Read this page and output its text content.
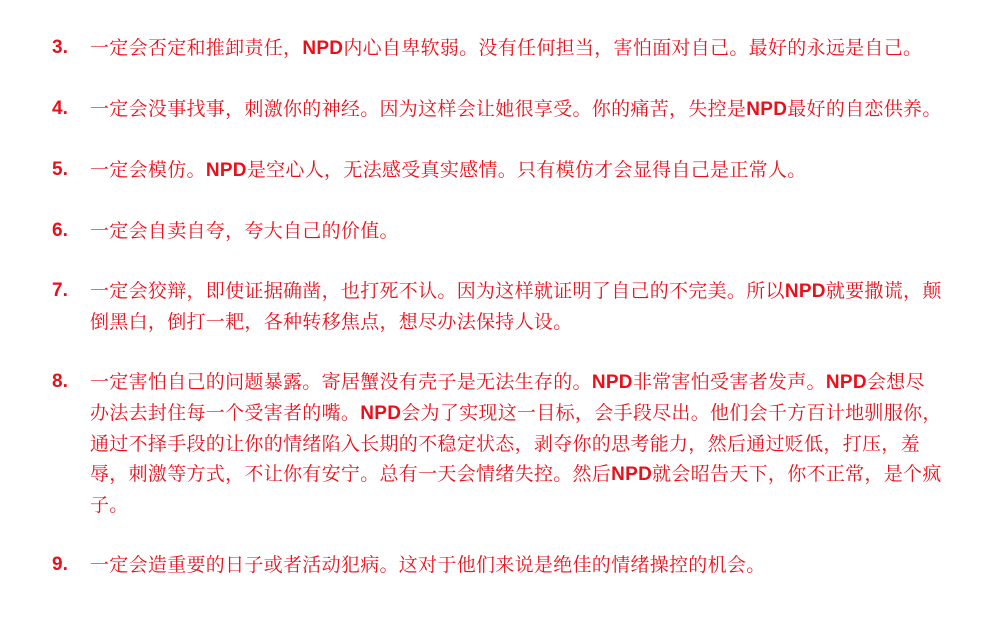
3.	一定会否定和推卸责任，NPD内心自卑软弱。没有任何担当，害怕面对自己。最好的永远是自己。
4.	一定会没事找事，刺激你的神经。因为这样会让她很享受。你的痛苦，失控是NPD最好的自恋供养。
5.	一定会模仿。NPD是空心人，无法感受真实感情。只有模仿才会显得自己是正常人。
6.	一定会自卖自夸，夸大自己的价值。
7.	一定会狡辩，即使证据确凿，也打死不认。因为这样就证明了自己的不完美。所以NPD就要撒谎，颠倒黑白，倒打一耙，各种转移焦点，想尽办法保持人设。
8.	一定害怕自己的问题暴露。寄居蟹没有壳子是无法生存的。NPD非常害怕受害者发声。NPD会想尽办法去封住每一个受害者的嘴。NPD会为了实现这一目标，会手段尽出。他们会千方百计地驯服你，通过不择手段的让你的情绪陷入长期的不稳定状态，剥夺你的思考能力，然后通过贬低，打压，羞辱，刺激等方式，不让你有安宁。总有一天会情绪失控。然后NPD就会昭告天下，你不正常，是个疯子。
9.	一定会造重要的日子或者活动犯病。这对于他们来说是绝佳的情绪操控的机会。
